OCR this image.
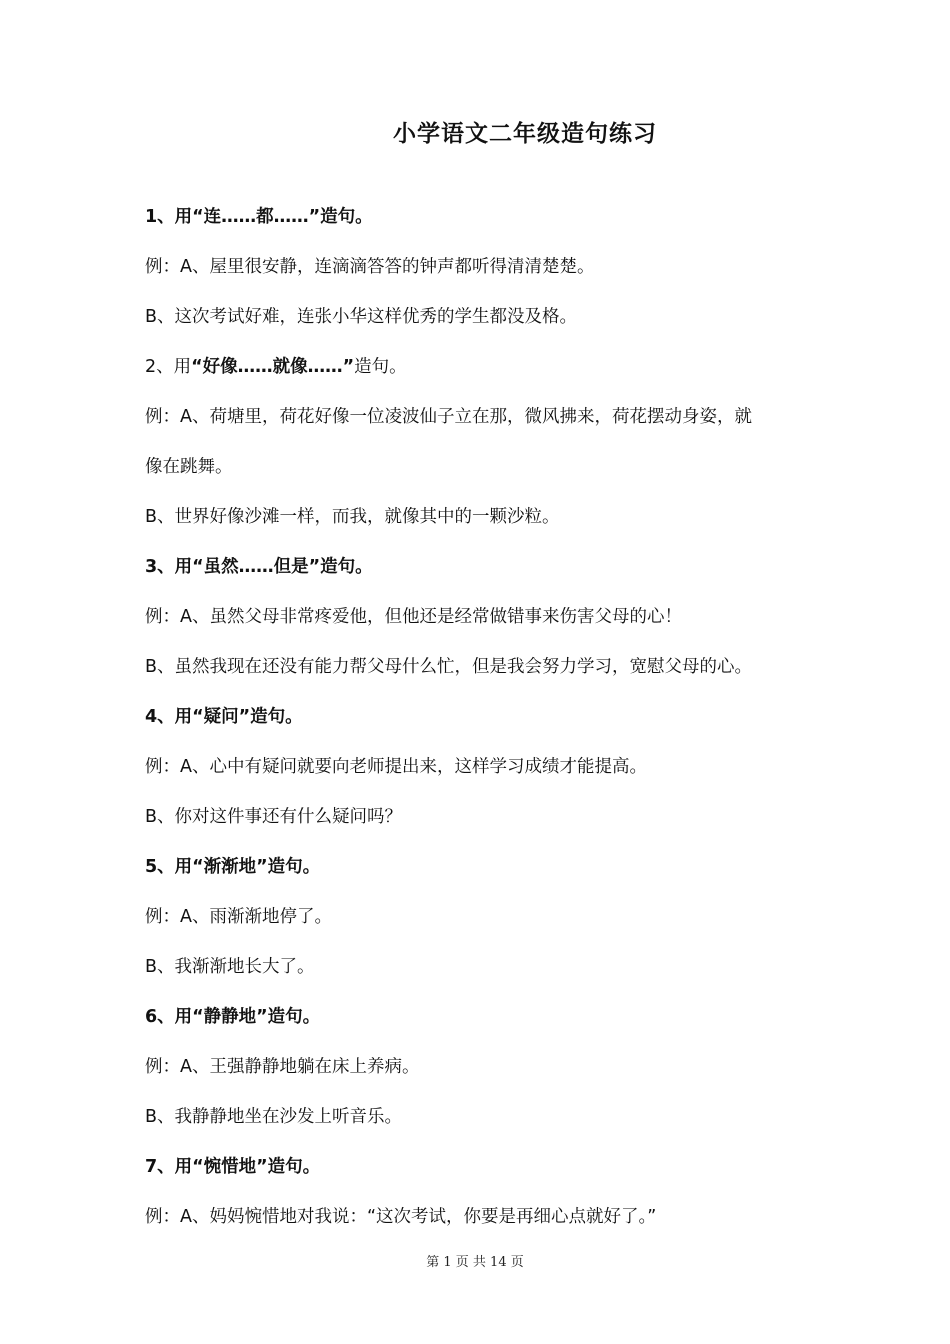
小学语文二年级造句练习
1、用“连……都……”造句。
例：A、屋里很安静，连滴滴答答的钟声都听得清清楚楚。
B、这次考试好难，连张小华这样优秀的学生都没及格。
2、用“好像……就像……”造句。
例：A、荷塘里，荷花好像一位凌波仙子立在那，微风拂来，荷花摆动身姿，就
像在跳舞。
B、世界好像沙滩一样，而我，就像其中的一颗沙粒。
3、用“虽然……但是”造句。
例：A、虽然父母非常疼爱他，但他还是经常做错事来伤害父母的心！
B、虽然我现在还没有能力帮父母什么忙，但是我会努力学习，宽慰父母的心。
4、用“疑问”造句。
例：A、心中有疑问就要向老师提出来，这样学习成绩才能提高。
B、你对这件事还有什么疑问吗？
5、用“渐渐地”造句。
例：A、雨渐渐地停了。
B、我渐渐地长大了。
6、用“静静地”造句。
例：A、王强静静地躺在床上养病。
B、我静静地坐在沙发上听音乐。
7、用“惋惜地”造句。
例：A、妈妈惋惜地对我说：“这次考试，你要是再细心点就好了。”
第 1 页 共 14 页
